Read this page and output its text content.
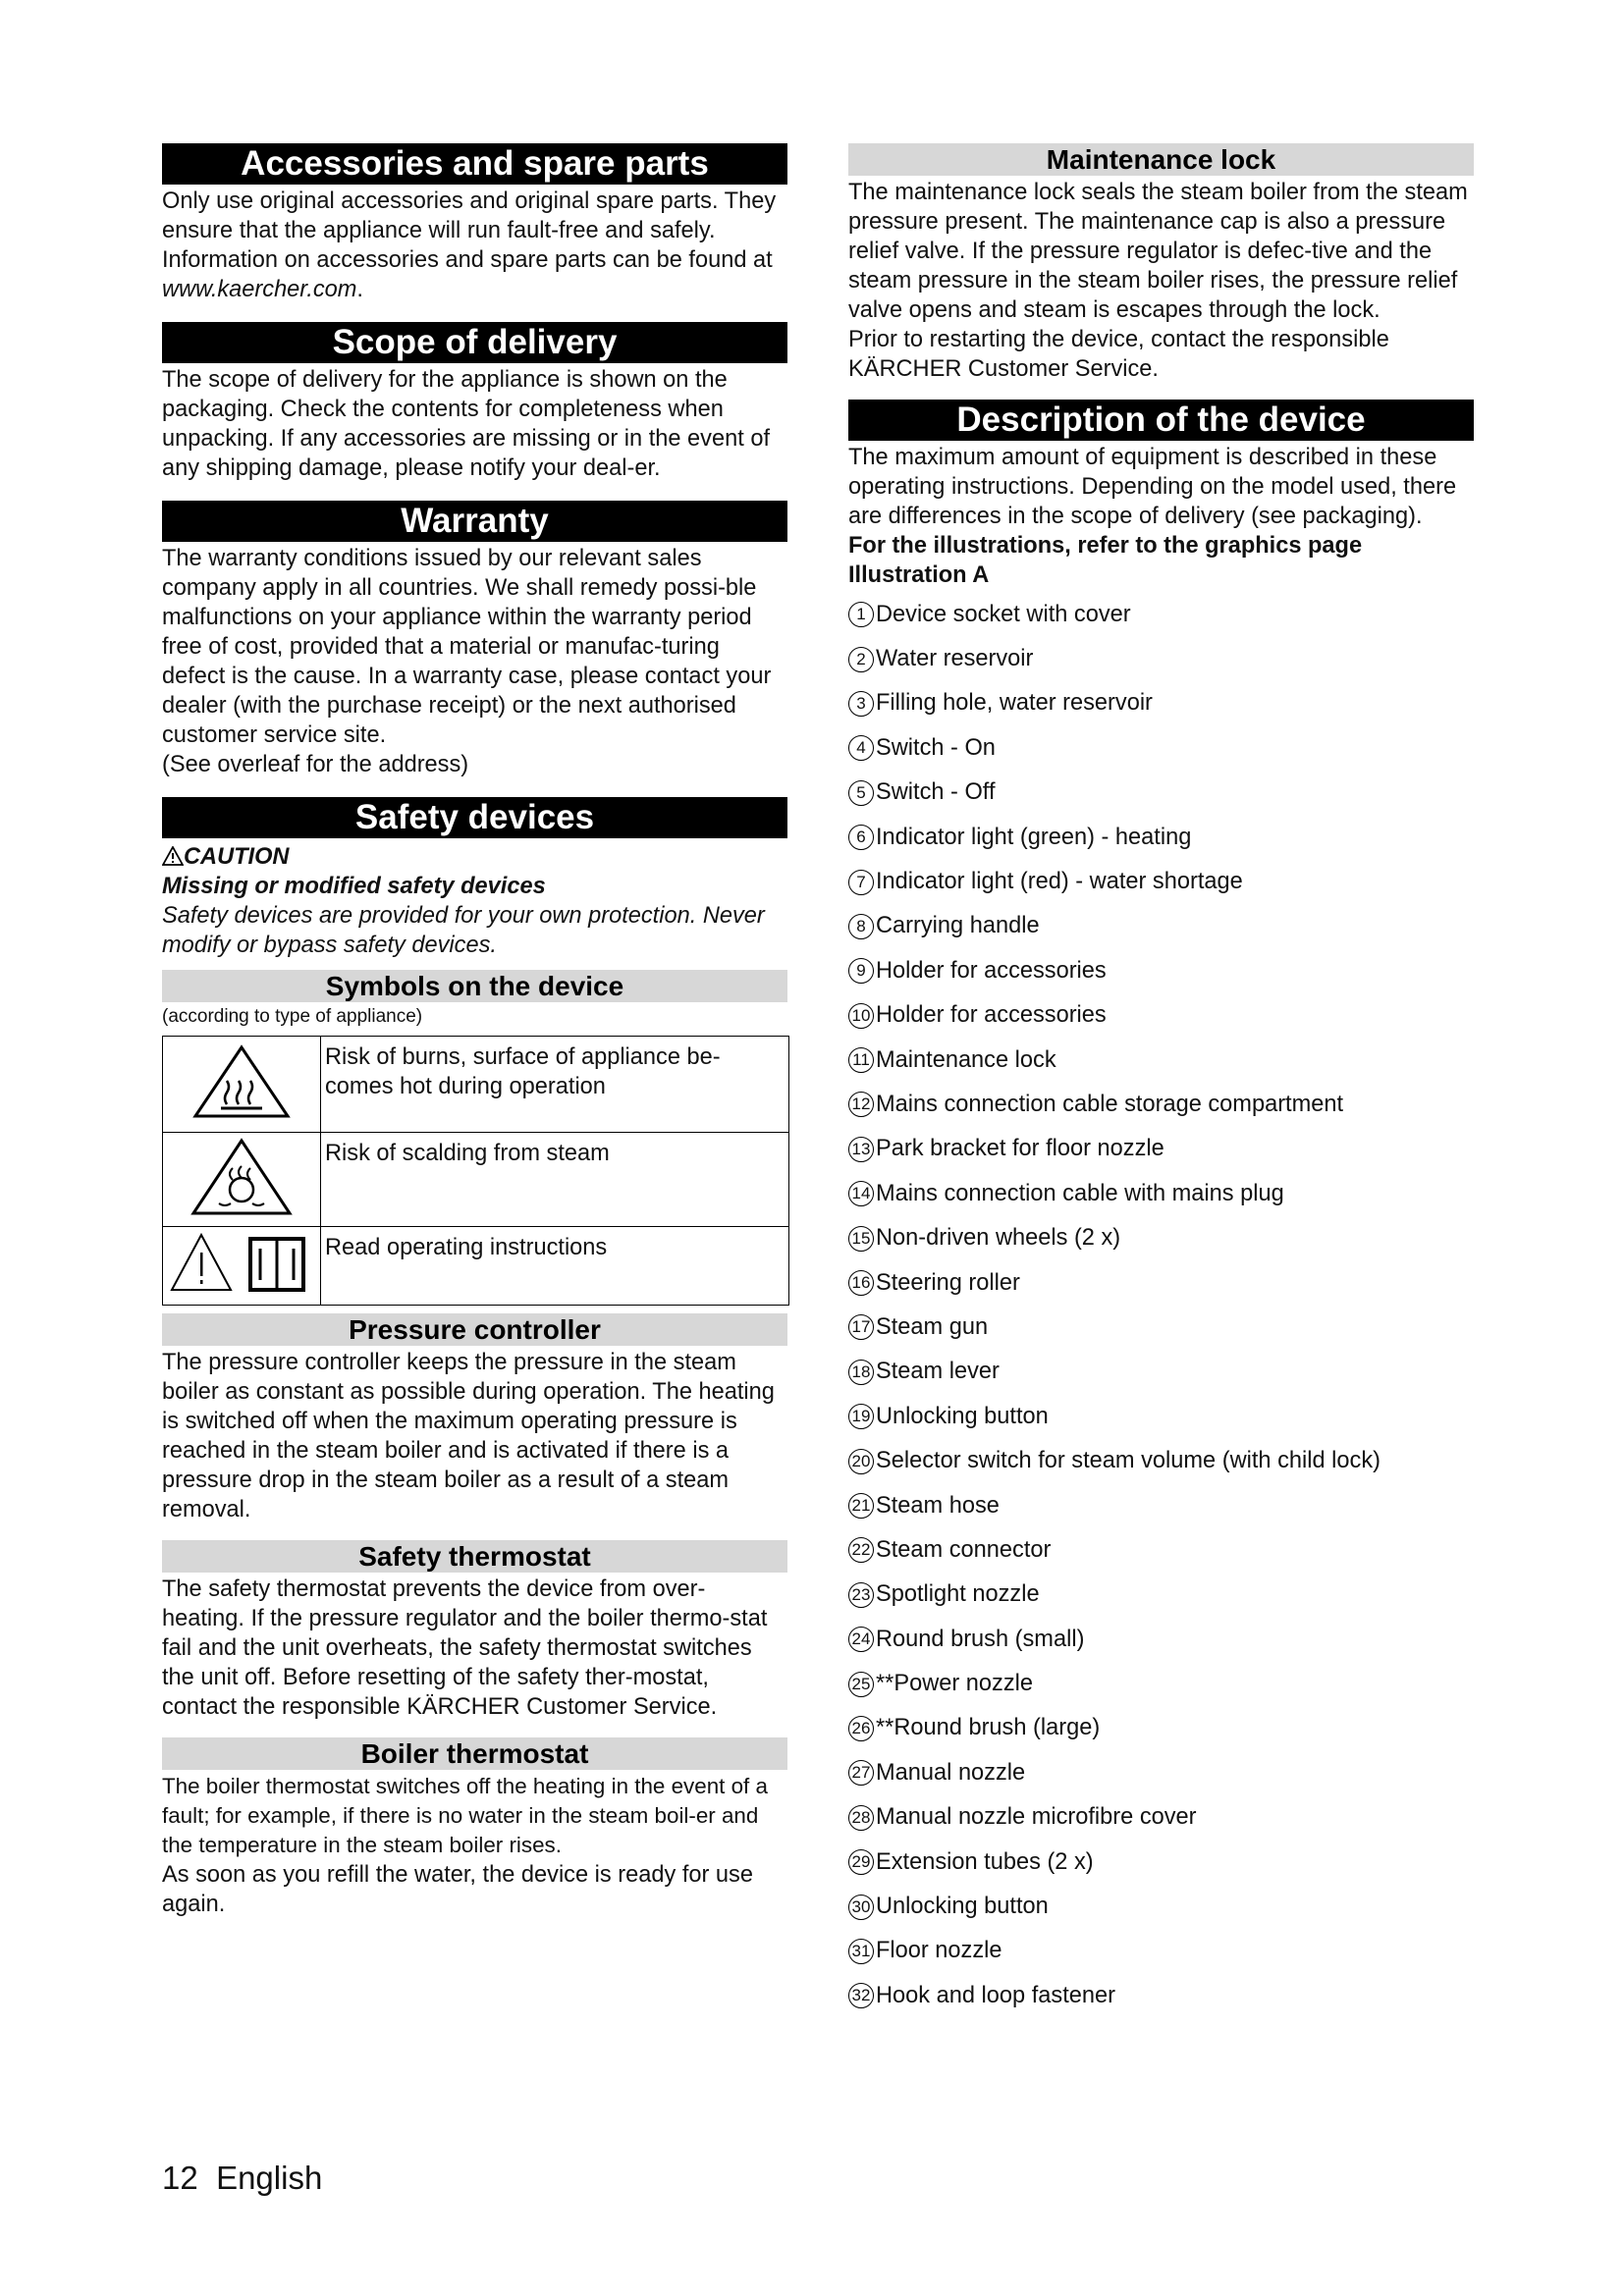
Accessories and spare parts

Only use original accessories and original spare parts. They ensure that the appliance will run fault-free and safely.

Information on accessories and spare parts can be found at www.kaercher.com.

Scope of delivery

The scope of delivery for the appliance is shown on the packaging. Check the contents for completeness when unpacking. If any accessories are missing or in the event of any shipping damage, please notify your deal-er.

Warranty

The warranty conditions issued by our relevant sales company apply in all countries. We shall remedy possi-ble malfunctions on your appliance within the warranty period free of cost, provided that a material or manufac-turing defect is the cause. In a warranty case, please contact your dealer (with the purchase receipt) or the next authorised customer service site.

(See overleaf for the address)

Safety devices

CAUTION

Missing or modified safety devices

Safety devices are provided for your own protection. Never modify or bypass safety devices.

Symbols on the device

(according to type of appliance)

	Risk of burns, surface of appliance be-comes hot during operation
	Risk of scalding from steam
	Read operating instructions
Pressure controller

The pressure controller keeps the pressure in the steam boiler as constant as possible during operation. The heating is switched off when the maximum operating pressure is reached in the steam boiler and is activated if there is a pressure drop in the steam boiler as a result of a steam removal.

Safety thermostat

The safety thermostat prevents the device from over-heating. If the pressure regulator and the boiler thermo-stat fail and the unit overheats, the safety thermostat switches the unit off. Before resetting of the safety ther-mostat, contact the responsible KÄRCHER Customer Service.

Boiler thermostat

The boiler thermostat switches off the heating in the event of a fault; for example, if there is no water in the steam boil-er and the temperature in the steam boiler rises.

As soon as you refill the water, the device is ready for use again.

Maintenance lock

The maintenance lock seals the steam boiler from the steam pressure present. The maintenance cap is also a pressure relief valve. If the pressure regulator is defec-tive and the steam pressure in the steam boiler rises, the pressure relief valve opens and steam is escapes through the lock.

Prior to restarting the device, contact the responsible KÄRCHER Customer Service.

Description of the device

The maximum amount of equipment is described in these operating instructions. Depending on the model used, there are differences in the scope of delivery (see packaging).

For the illustrations, refer to the graphics page

Illustration A

1 Device socket with cover
2 Water reservoir
3 Filling hole, water reservoir
4 Switch - On
5 Switch - Off
6 Indicator light (green) - heating
7 Indicator light (red) - water shortage
8 Carrying handle
9 Holder for accessories
10 Holder for accessories
11 Maintenance lock
12 Mains connection cable storage compartment
13 Park bracket for floor nozzle
14 Mains connection cable with mains plug
15 Non-driven wheels (2 x)
16 Steering roller
17 Steam gun
18 Steam lever
19 Unlocking button
20 Selector switch for steam volume (with child lock)
21 Steam hose
22 Steam connector
23 Spotlight nozzle
24 Round brush (small)
25 **Power nozzle
26 **Round brush (large)
27 Manual nozzle
28 Manual nozzle microfibre cover
29 Extension tubes (2 x)
30 Unlocking button
31 Floor nozzle
32 Hook and loop fastener
12 English
